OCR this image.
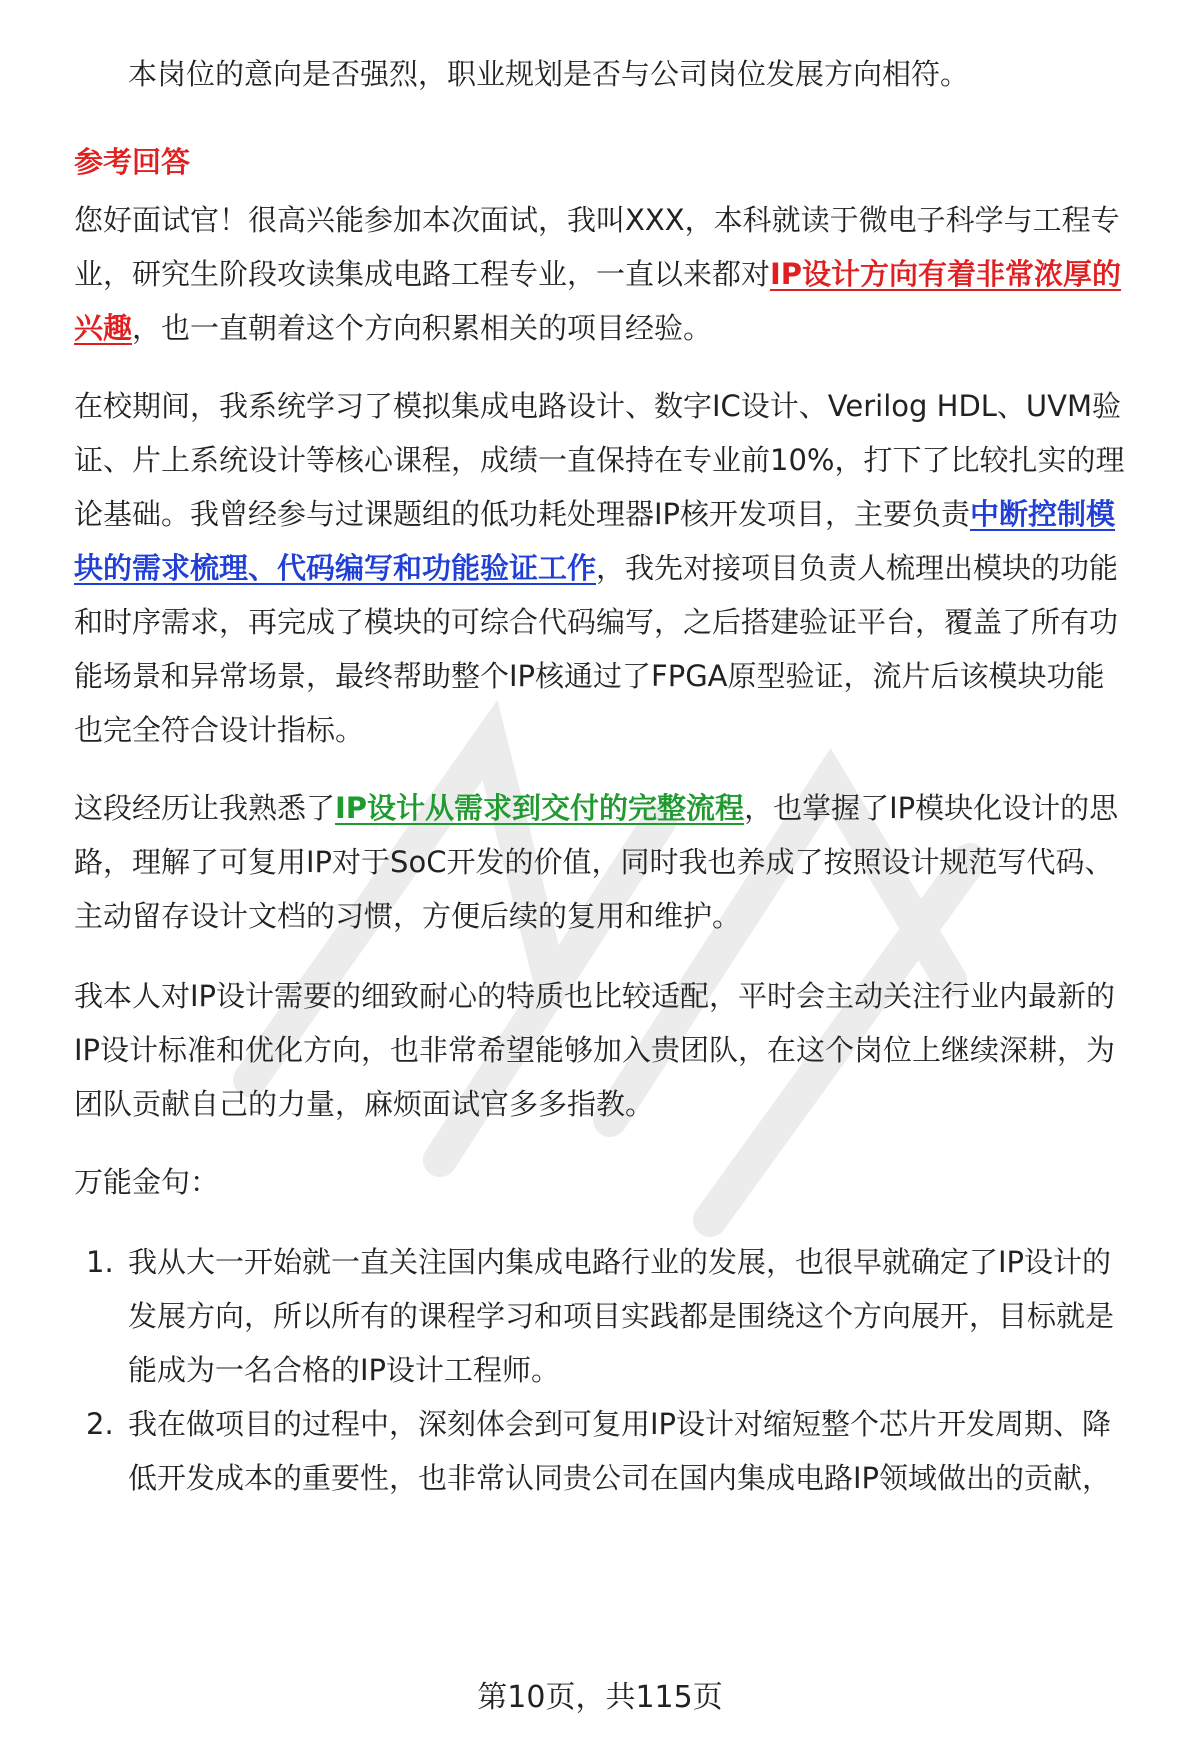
本岗位的意向是否强烈，职业规划是否与公司岗位发展方向相符。

参考回答

您好面试官！很高兴能参加本次面试，我叫XXX，本科就读于微电子科学与工程专

业，研究生阶段攻读集成电路工程专业，一直以来都对IP设计方向有着非常浓厚的

兴趣，也一直朝着这个方向积累相关的项目经验。

在校期间，我系统学习了模拟集成电路设计、数字IC设计、Verilog HDL、UVM验

证、片上系统设计等核心课程，成绩一直保持在专业前10%，打下了比较扎实的理

论基础。我曾经参与过课题组的低功耗处理器IP核开发项目，主要负责中断控制模

块的需求梳理、代码编写和功能验证工作，我先对接项目负责人梳理出模块的功能

和时序需求，再完成了模块的可综合代码编写，之后搭建验证平台，覆盖了所有功

能场景和异常场景，最终帮助整个IP核通过了FPGA原型验证，流片后该模块功能

也完全符合设计指标。

这段经历让我熟悉了IP设计从需求到交付的完整流程，也掌握了IP模块化设计的思

路，理解了可复用IP对于SoC开发的价值，同时我也养成了按照设计规范写代码、

主动留存设计文档的习惯，方便后续的复用和维护。

我本人对IP设计需要的细致耐心的特质也比较适配，平时会主动关注行业内最新的

IP设计标准和优化方向，也非常希望能够加入贵团队，在这个岗位上继续深耕，为

团队贡献自己的力量，麻烦面试官多多指教。

万能金句：

1. 我从大一开始就一直关注国内集成电路行业的发展，也很早就确定了IP设计的
发展方向，所以所有的课程学习和项目实践都是围绕这个方向展开，目标就是
能成为一名合格的IP设计工程师。
2. 我在做项目的过程中，深刻体会到可复用IP设计对缩短整个芯片开发周期、降
低开发成本的重要性，也非常认同贵公司在国内集成电路IP领域做出的贡献，
第10页，共115页
